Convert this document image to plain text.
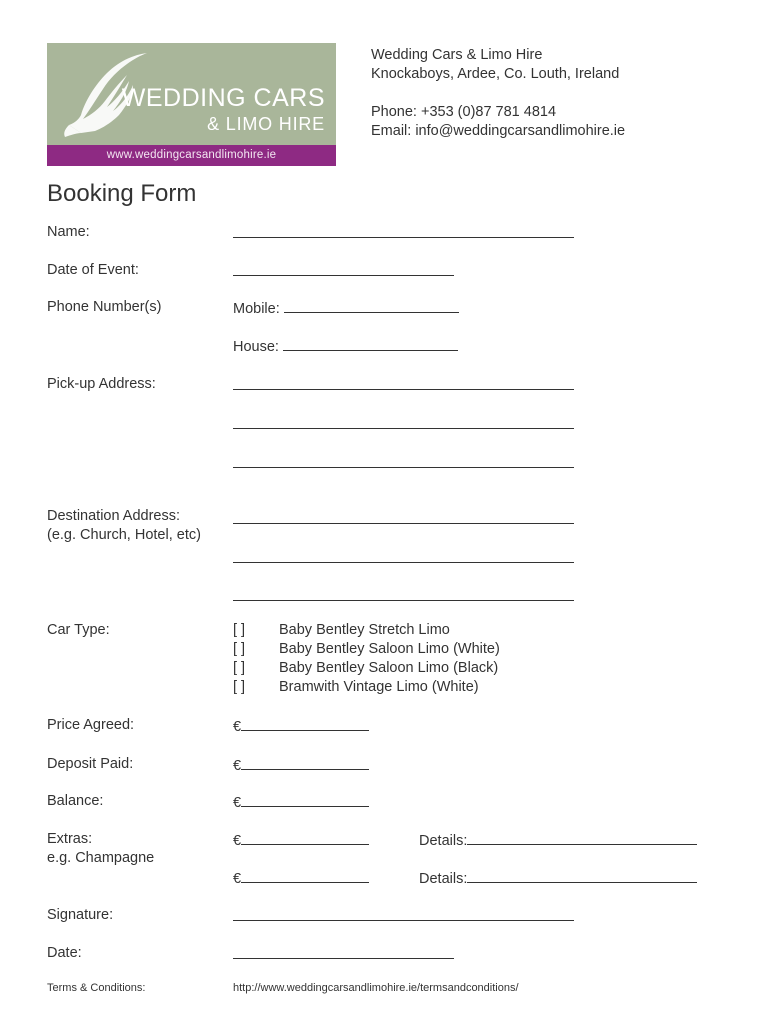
WEDDING CARS
& LIMO HIRE
www.weddingcarsandlimohire.ie
Wedding Cars & Limo Hire
Knockaboys, Ardee, Co. Louth, Ireland
Phone: +353 (0)87 781 4814
Email: info@weddingcarsandlimohire.ie
Booking Form
Name:
Date of Event:
Phone Number(s)	Mobile:
House:
Pick-up Address:
Destination Address:
(e.g. Church, Hotel, etc)
Car Type:	[ ] Baby Bentley Stretch Limo
[ ] Baby Bentley Saloon Limo (White)
[ ] Baby Bentley Saloon Limo (Black)
[ ] Bramwith Vintage Limo (White)
Price Agreed:	€
Deposit Paid:	€
Balance:	€
Extras:
e.g. Champagne
€	Details:
€	Details:
Signature:
Date:
Terms & Conditions:	http://www.weddingcarsandlimohire.ie/termsandconditions/
